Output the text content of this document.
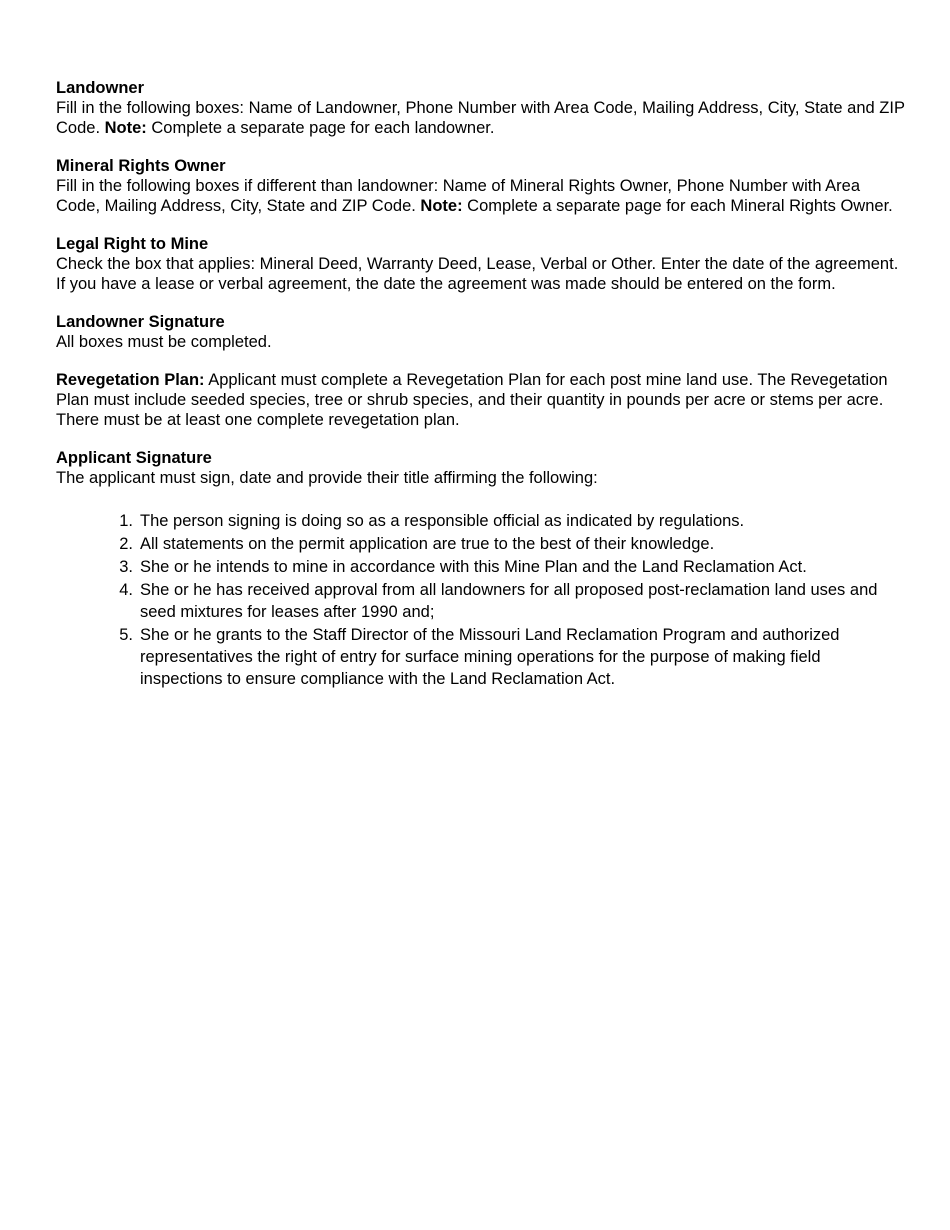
Landowner

Fill in the following boxes: Name of Landowner, Phone Number with Area Code, Mailing Address, City, State and ZIP Code. Note: Complete a separate page for each landowner.

Mineral Rights Owner

Fill in the following boxes if different than landowner: Name of Mineral Rights Owner, Phone Number with Area Code, Mailing Address, City, State and ZIP Code. Note: Complete a separate page for each Mineral Rights Owner.

Legal Right to Mine

Check the box that applies: Mineral Deed, Warranty Deed, Lease, Verbal or Other. Enter the date of the agreement. If you have a lease or verbal agreement, the date the agreement was made should be entered on the form.

Landowner Signature

All boxes must be completed.

Revegetation Plan: Applicant must complete a Revegetation Plan for each post mine land use. The Revegetation Plan must include seeded species, tree or shrub species, and their quantity in pounds per acre or stems per acre. There must be at least one complete revegetation plan.

Applicant Signature

The applicant must sign, date and provide their title affirming the following:

1. The person signing is doing so as a responsible official as indicated by regulations.
2. All statements on the permit application are true to the best of their knowledge.
3. She or he intends to mine in accordance with this Mine Plan and the Land Reclamation Act.
4. She or he has received approval from all landowners for all proposed post-reclamation land uses and seed mixtures for leases after 1990 and;
5. She or he grants to the Staff Director of the Missouri Land Reclamation Program and authorized representatives the right of entry for surface mining operations for the purpose of making field inspections to ensure compliance with the Land Reclamation Act.
